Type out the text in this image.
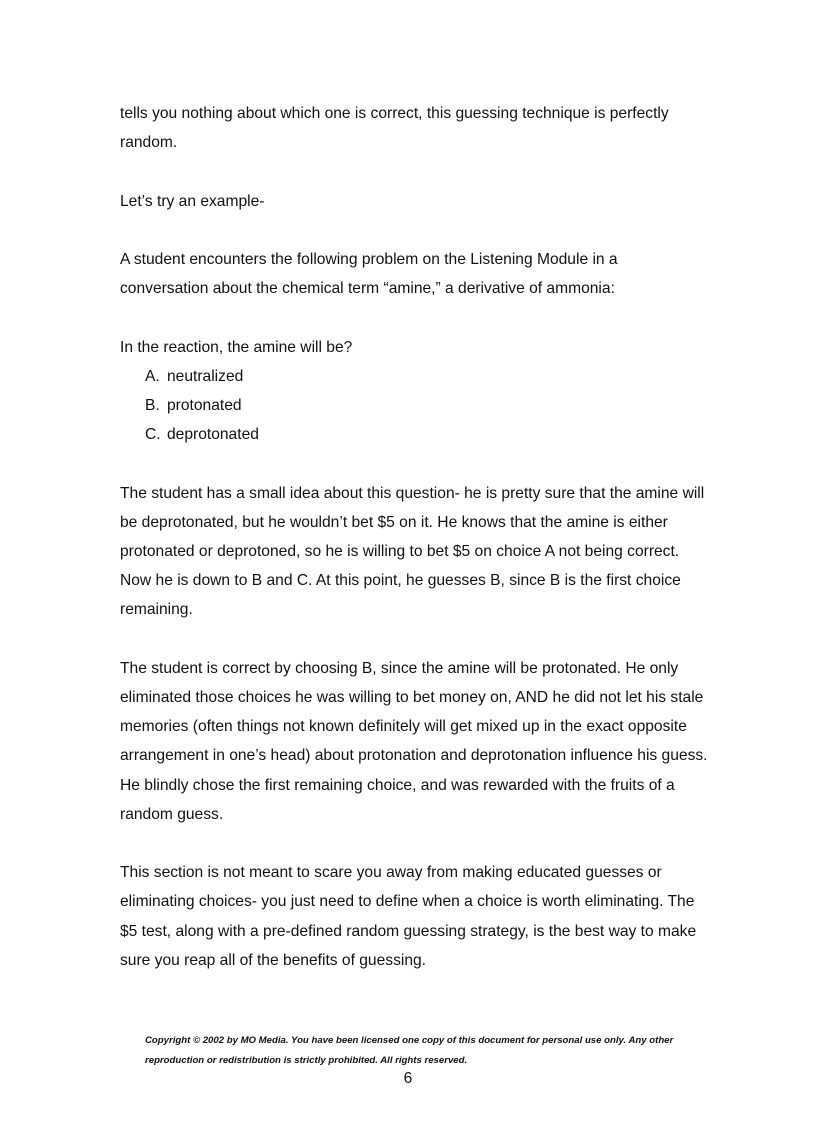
tells you nothing about which one is correct, this guessing technique is perfectly random.

Let’s try an example-

A student encounters the following problem on the Listening Module in a conversation about the chemical term “amine,” a derivative of ammonia:

In the reaction, the amine will be?

A. neutralized
B. protonated
C. deprotonated

The student has a small idea about this question- he is pretty sure that the amine will be deprotonated, but he wouldn’t bet $5 on it. He knows that the amine is either protonated or deprotoned, so he is willing to bet $5 on choice A not being correct. Now he is down to B and C. At this point, he guesses B, since B is the first choice remaining.

The student is correct by choosing B, since the amine will be protonated. He only eliminated those choices he was willing to bet money on, AND he did not let his stale memories (often things not known definitely will get mixed up in the exact opposite arrangement in one’s head) about protonation and deprotonation influence his guess. He blindly chose the first remaining choice, and was rewarded with the fruits of a random guess.

This section is not meant to scare you away from making educated guesses or eliminating choices- you just need to define when a choice is worth eliminating. The $5 test, along with a pre-defined random guessing strategy, is the best way to make sure you reap all of the benefits of guessing.

Copyright © 2002 by MO Media. You have been licensed one copy of this document for personal use only. Any other reproduction or redistribution is strictly prohibited. All rights reserved.
6
